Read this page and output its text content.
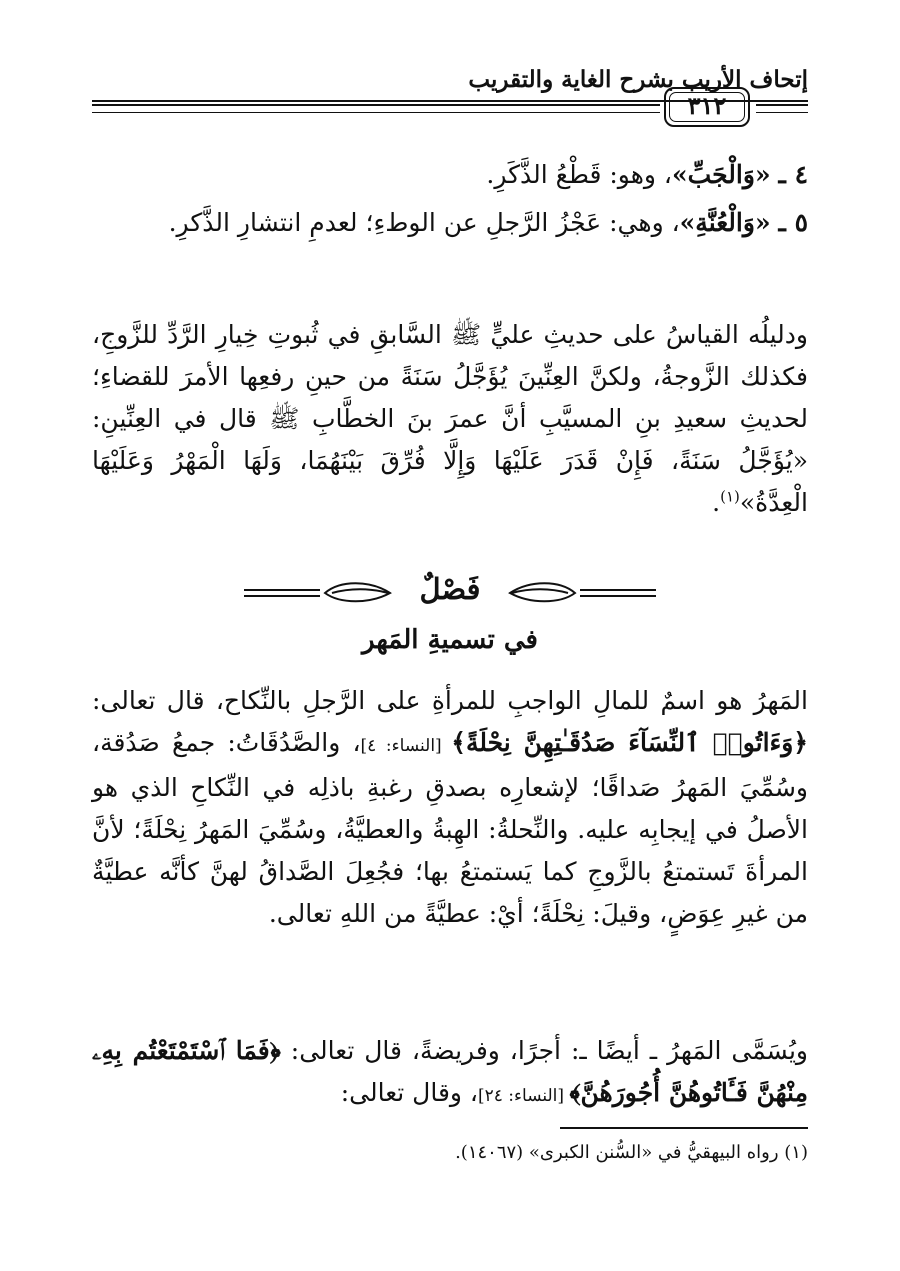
إتحاف الأريب بشرح الغاية والتقريب
٣١٢
٤ ـ «وَالْجَبِّ»، وهو: قَطْعُ الذَّكَرِ.
٥ ـ «وَالْعُنَّةِ»، وهي: عَجْزُ الرَّجلِ عن الوطءِ؛ لعدمِ انتشارِ الذَّكرِ.
ودليلُه القياسُ على حديثِ عليٍّ ﷺ السَّابقِ في ثُبوتِ خِيارِ الرَّدِّ للزَّوجِ، فكذلك الزَّوجةُ، ولكنَّ العِنِّينَ يُؤَجَّلُ سَنَةً من حينِ رفعِها الأمرَ للقضاءِ؛ لحديثِ سعيدِ بنِ المسيَّبِ أنَّ عمرَ بنَ الخطَّابِ ﷺ قال في العِنِّينِ: «يُؤَجَّلُ سَنَةً، فَإِنْ قَدَرَ عَلَيْهَا وَإِلَّا فُرِّقَ بَيْنَهُمَا، وَلَهَا الْمَهْرُ وَعَلَيْهَا الْعِدَّةُ»$^{(١)}$.
فَصْلٌ
في تسميةِ المَهر
المَهرُ هو اسمٌ للمالِ الواجبِ للمرأةِ على الرَّجلِ بالنِّكاح، قال تعالى: ﴿وَءَاتُوا۟ ٱلنِّسَآءَ صَدُقَـٰتِهِنَّ نِحْلَةً﴾ [النساء: ٤]، والصَّدُقَاتُ: جمعُ صَدُقة، وسُمِّيَ المَهرُ صَداقًا؛ لإشعارِه بصدقِ رغبةِ باذلِه في النِّكاحِ الذي هو الأصلُ في إيجابِه عليه. والنِّحلةُ: الهِبةُ والعطيَّةُ، وسُمِّيَ المَهرُ نِحْلَةً؛ لأنَّ المرأةَ تَستمتعُ بالزَّوجِ كما يَستمتعُ بها؛ فجُعِلَ الصَّداقُ لهنَّ كأنَّه عطيَّةٌ من غيرِ عِوَضٍ، وقيلَ: نِحْلَةً؛ أيْ: عطيَّةً من اللهِ تعالى.
ويُسَمَّى المَهرُ ـ أيضًا ـ: أجرًا، وفريضةً، قال تعالى: ﴿فَمَا ٱسْتَمْتَعْتُم بِهِۦ مِنْهُنَّ فَـَٔاتُوهُنَّ أُجُورَهُنَّ﴾ [النساء: ٢٤]، وقال تعالى:
(١) رواه البيهقيُّ في «السُّنن الكبرى» (١٤٠٦٧).
